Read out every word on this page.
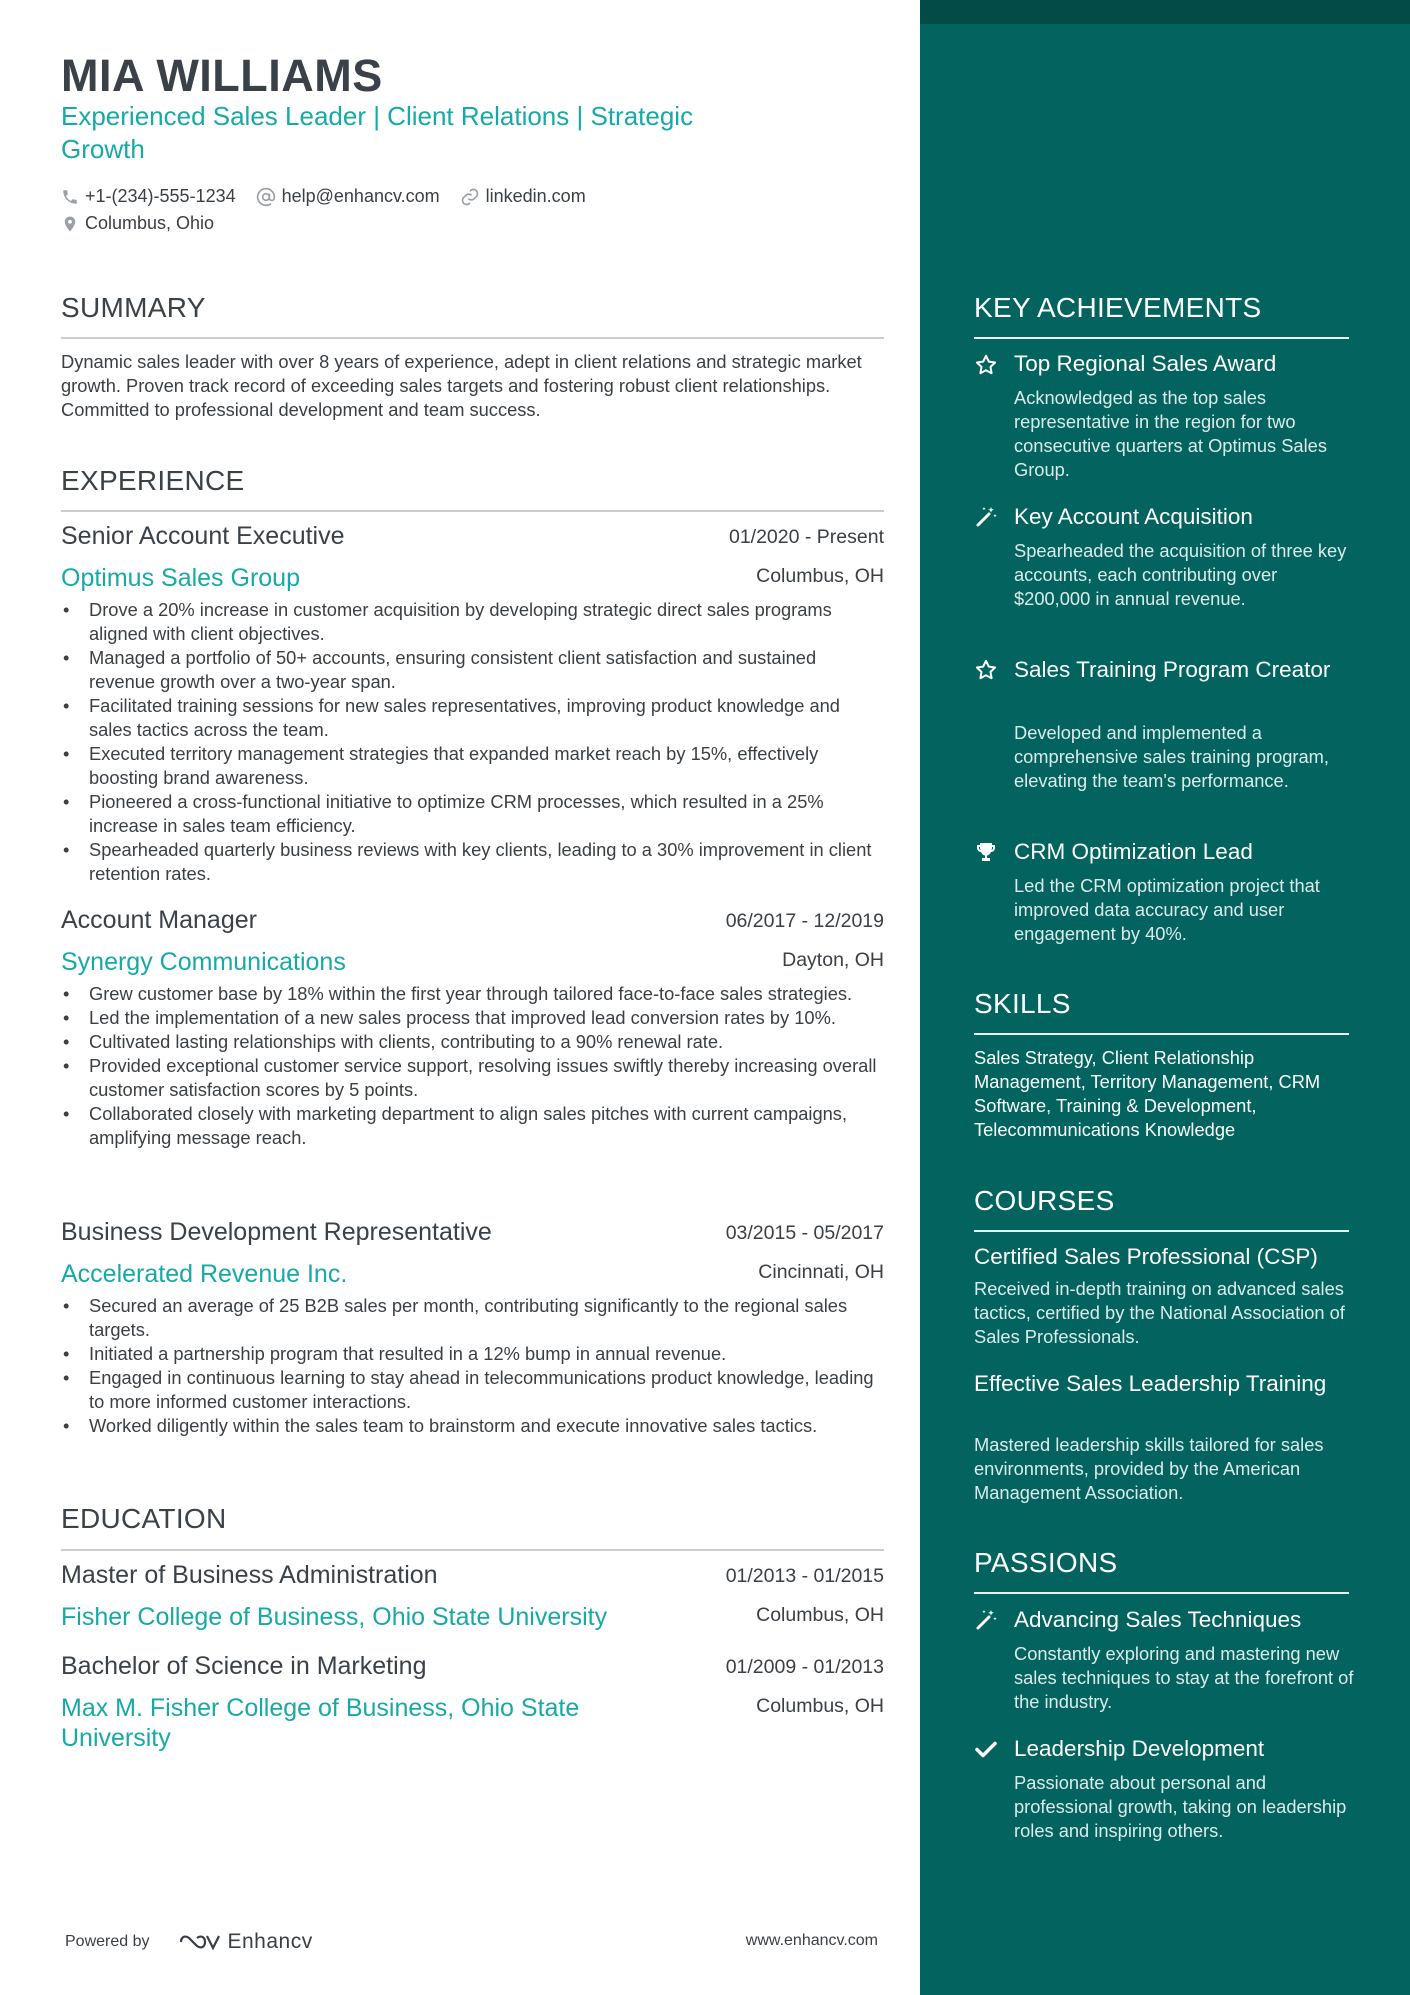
MIA WILLIAMS

Experienced Sales Leader | Client Relations | Strategic Growth

+1-(234)-555-1234	help@enhancv.com	linkedin.com
Columbus, Ohio
SUMMARY

Dynamic sales leader with over 8 years of experience, adept in client relations and strategic market growth. Proven track record of exceeding sales targets and fostering robust client relationships. Committed to professional development and team success.

EXPERIENCE
Senior Account Executive	01/2020 - Present
Optimus Sales Group	Columbus, OH
• Drove a 20% increase in customer acquisition by developing strategic direct sales programs aligned with client objectives.
• Managed a portfolio of 50+ accounts, ensuring consistent client satisfaction and sustained revenue growth over a two-year span.
• Facilitated training sessions for new sales representatives, improving product knowledge and sales tactics across the team.
• Executed territory management strategies that expanded market reach by 15%, effectively boosting brand awareness.
• Pioneered a cross-functional initiative to optimize CRM processes, which resulted in a 25% increase in sales team efficiency.
• Spearheaded quarterly business reviews with key clients, leading to a 30% improvement in client retention rates.
Account Manager	06/2017 - 12/2019
Synergy Communications	Dayton, OH
• Grew customer base by 18% within the first year through tailored face-to-face sales strategies.
• Led the implementation of a new sales process that improved lead conversion rates by 10%.
• Cultivated lasting relationships with clients, contributing to a 90% renewal rate.
• Provided exceptional customer service support, resolving issues swiftly thereby increasing overall customer satisfaction scores by 5 points.
• Collaborated closely with marketing department to align sales pitches with current campaigns, amplifying message reach.
Business Development Representative	03/2015 - 05/2017
Accelerated Revenue Inc.	Cincinnati, OH
• Secured an average of 25 B2B sales per month, contributing significantly to the regional sales targets.
• Initiated a partnership program that resulted in a 12% bump in annual revenue.
• Engaged in continuous learning to stay ahead in telecommunications product knowledge, leading to more informed customer interactions.
• Worked diligently within the sales team to brainstorm and execute innovative sales tactics.
EDUCATION
Master of Business Administration	01/2013 - 01/2015
Fisher College of Business, Ohio State University	Columbus, OH
Bachelor of Science in Marketing	01/2009 - 01/2013
Max M. Fisher College of Business, Ohio State University
Columbus, OH
KEY ACHIEVEMENTS
Top Regional Sales Award

Acknowledged as the top sales representative in the region for two consecutive quarters at Optimus Sales Group.

Key Account Acquisition

Spearheaded the acquisition of three key accounts, each contributing over $200,000 in annual revenue.

Sales Training Program Creator

Developed and implemented a comprehensive sales training program, elevating the team's performance.

CRM Optimization Lead

Led the CRM optimization project that improved data accuracy and user engagement by 40%.

SKILLS

Sales Strategy, Client Relationship Management, Territory Management, CRM Software, Training & Development, Telecommunications Knowledge

COURSES
Certified Sales Professional (CSP)

Received in-depth training on advanced sales tactics, certified by the National Association of Sales Professionals.

Effective Sales Leadership Training

Mastered leadership skills tailored for sales environments, provided by the American Management Association.

PASSIONS
Advancing Sales Techniques

Constantly exploring and mastering new sales techniques to stay at the forefront of the industry.

Leadership Development

Passionate about personal and professional growth, taking on leadership roles and inspiring others.

Powered by	Enhancv	www.enhancv.com
